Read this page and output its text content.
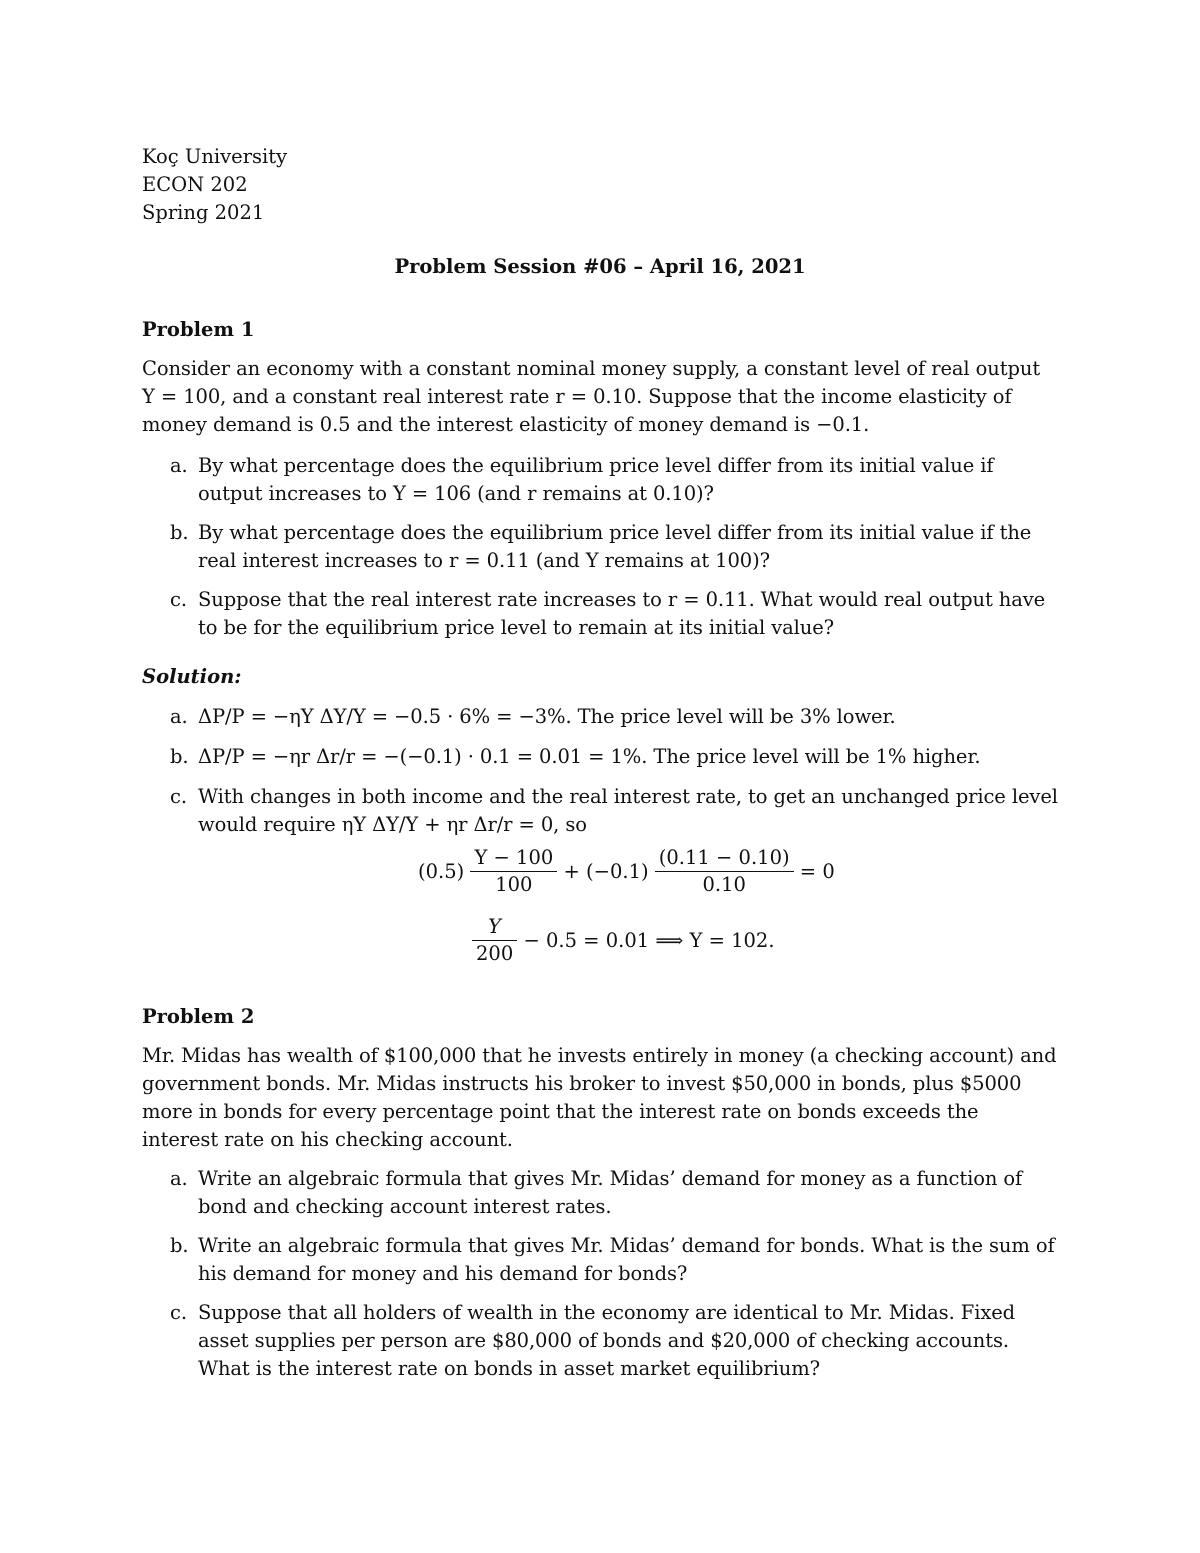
Koç University
ECON 202
Spring 2021
Problem Session #06 – April 16, 2021
Problem 1
Consider an economy with a constant nominal money supply, a constant level of real output Y = 100, and a constant real interest rate r = 0.10. Suppose that the income elasticity of money demand is 0.5 and the interest elasticity of money demand is −0.1.
a. By what percentage does the equilibrium price level differ from its initial value if output increases to Y = 106 (and r remains at 0.10)?
b. By what percentage does the equilibrium price level differ from its initial value if the real interest increases to r = 0.11 (and Y remains at 100)?
c. Suppose that the real interest rate increases to r = 0.11. What would real output have to be for the equilibrium price level to remain at its initial value?
Solution:
a. ΔP/P = −ηY ΔY/Y = −0.5 · 6% = −3%. The price level will be 3% lower.
b. ΔP/P = −ηr Δr/r = −(−0.1) · 0.1 = 0.01 = 1%. The price level will be 1% higher.
c. With changes in both income and the real interest rate, to get an unchanged price level would require ηY ΔY/Y + ηr Δr/r = 0, so
$(0.5) \frac{Y - 100}{100} + (-0.1) \frac{(0.11 - 0.10)}{0.10} = 0$
$\frac{Y}{200} - 0.5 = 0.01$ ⟹ Y = 102.
Problem 2
Mr. Midas has wealth of $100,000 that he invests entirely in money (a checking account) and government bonds. Mr. Midas instructs his broker to invest $50,000 in bonds, plus $5000 more in bonds for every percentage point that the interest rate on bonds exceeds the interest rate on his checking account.
a. Write an algebraic formula that gives Mr. Midas’ demand for money as a function of bond and checking account interest rates.
b. Write an algebraic formula that gives Mr. Midas’ demand for bonds. What is the sum of his demand for money and his demand for bonds?
c. Suppose that all holders of wealth in the economy are identical to Mr. Midas. Fixed asset supplies per person are $80,000 of bonds and $20,000 of checking accounts. What is the interest rate on bonds in asset market equilibrium?
